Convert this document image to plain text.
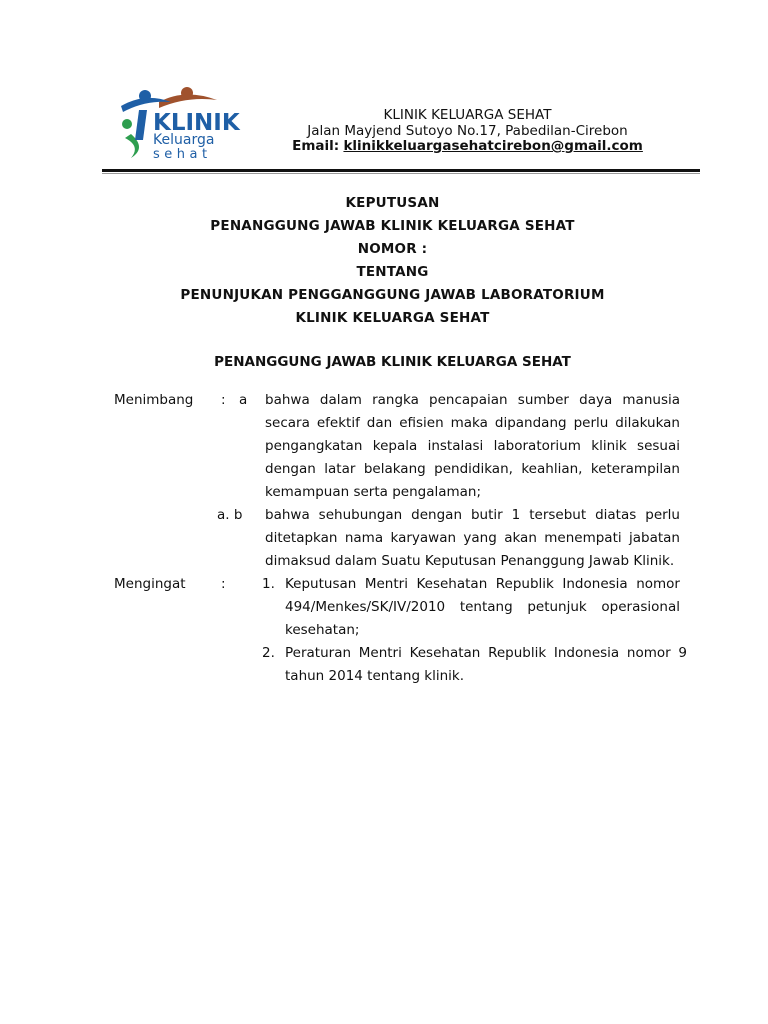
KLINIK
Keluarga
sehat
KLINIK KELUARGA SEHAT
Jalan Mayjend Sutoyo No.17, Pabedilan-Cirebon
Email: klinikkeluargasehatcirebon@gmail.com
KEPUTUSAN
PENANGGUNG JAWAB KLINIK KELUARGA SEHAT
NOMOR :
TENTANG
PENUNJUKAN PENGGANGGUNG JAWAB LABORATORIUM
KLINIK KELUARGA SEHAT
PENANGGUNG JAWAB KLINIK KELUARGA SEHAT
Menimbang : a bahwa dalam rangka pencapaian sumber daya manusia secara efektif dan efisien maka dipandang perlu dilakukan pengangkatan kepala instalasi laboratorium klinik sesuai dengan latar belakang pendidikan, keahlian, keterampilan kemampuan serta pengalaman;
a. b bahwa sehubungan dengan butir 1 tersebut diatas perlu ditetapkan nama karyawan yang akan menempati jabatan dimaksud dalam Suatu Keputusan Penanggung Jawab Klinik.
Mengingat	:	1. Keputusan Mentri Kesehatan Republik Indonesia nomor 494/Menkes/SK/IV/2010 tentang petunjuk operasional kesehatan;
2. Peraturan Mentri Kesehatan Republik Indonesia nomor 9 tahun 2014 tentang klinik.
